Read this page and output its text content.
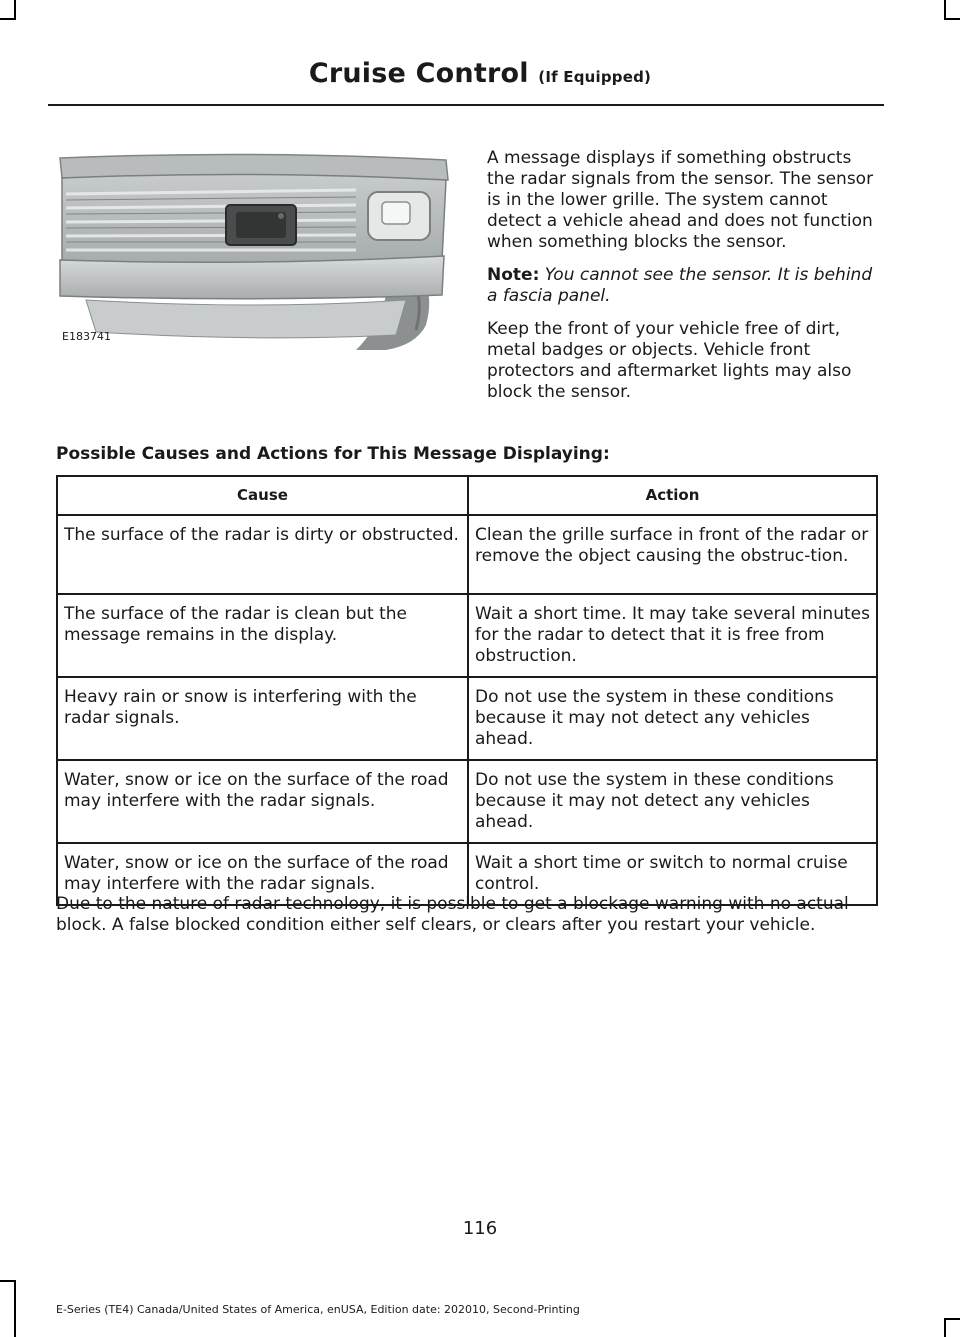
Cruise Control (If Equipped)
E183741

A message displays if something obstructs the radar signals from the sensor. The sensor is in the lower grille. The system cannot detect a vehicle ahead and does not function when something blocks the sensor.

Note: You cannot see the sensor. It is behind a fascia panel.

Keep the front of your vehicle free of dirt, metal badges or objects. Vehicle front protectors and aftermarket lights may also block the sensor.

Possible Causes and Actions for This Message Displaying:
Cause	Action
The surface of the radar is dirty or obstructed.	Clean the grille surface in front of the radar or remove the object causing the obstruc-tion.
The surface of the radar is clean but the message remains in the display.	Wait a short time. It may take several minutes for the radar to detect that it is free from obstruction.
Heavy rain or snow is interfering with the radar signals.	Do not use the system in these conditions because it may not detect any vehicles ahead.
Water, snow or ice on the surface of the road may interfere with the radar signals.	Do not use the system in these conditions because it may not detect any vehicles ahead.
Water, snow or ice on the surface of the road may interfere with the radar signals.	Wait a short time or switch to normal cruise control.
Due to the nature of radar technology, it is possible to get a blockage warning with no actual block. A false blocked condition either self clears, or clears after you restart your vehicle.
116
E-Series (TE4) Canada/United States of America, enUSA, Edition date: 202010, Second-Printing
